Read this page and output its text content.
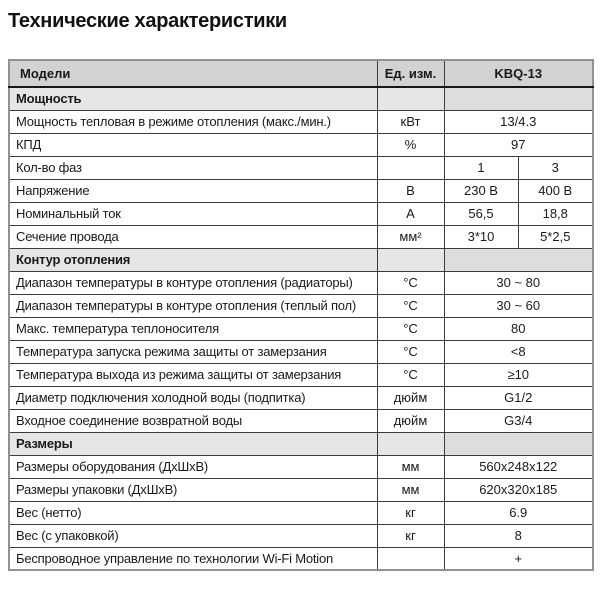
Технические характеристики
Модели	Ед. изм.	KBQ-13	
Мощность			
Мощность тепловая в режиме отопления (макс./мин.)	кВт	13/4.3	
КПД	%	97	
Кол-во фаз		1	3
Напряжение	В	230 В	400 В
Номинальный ток	А	56,5	18,8
Сечение провода	мм²	3*10	5*2,5
Контур отопления			
Диапазон температуры в контуре отопления (радиаторы)	°С	30 ~ 80	
Диапазон температуры в контуре отопления (теплый пол)	°С	30 ~ 60	
Макс. температура теплоносителя	°С	80	
Температура запуска режима защиты от замерзания	°С	<8	
Температура выхода из режима защиты от замерзания	°С	≥10	
Диаметр подключения холодной воды (подпитка)	дюйм	G1/2	
Входное соединение возвратной воды	дюйм	G3/4	
Размеры			
Размеры оборудования (ДхШхВ)	мм	560x248x122	
Размеры упаковки (ДхШхВ)	мм	620x320x185	
Вес (нетто)	кг	6.9	
Вес (с упаковкой)	кг	8	
Беспроводное управление по технологии Wi-Fi Motion		+	
